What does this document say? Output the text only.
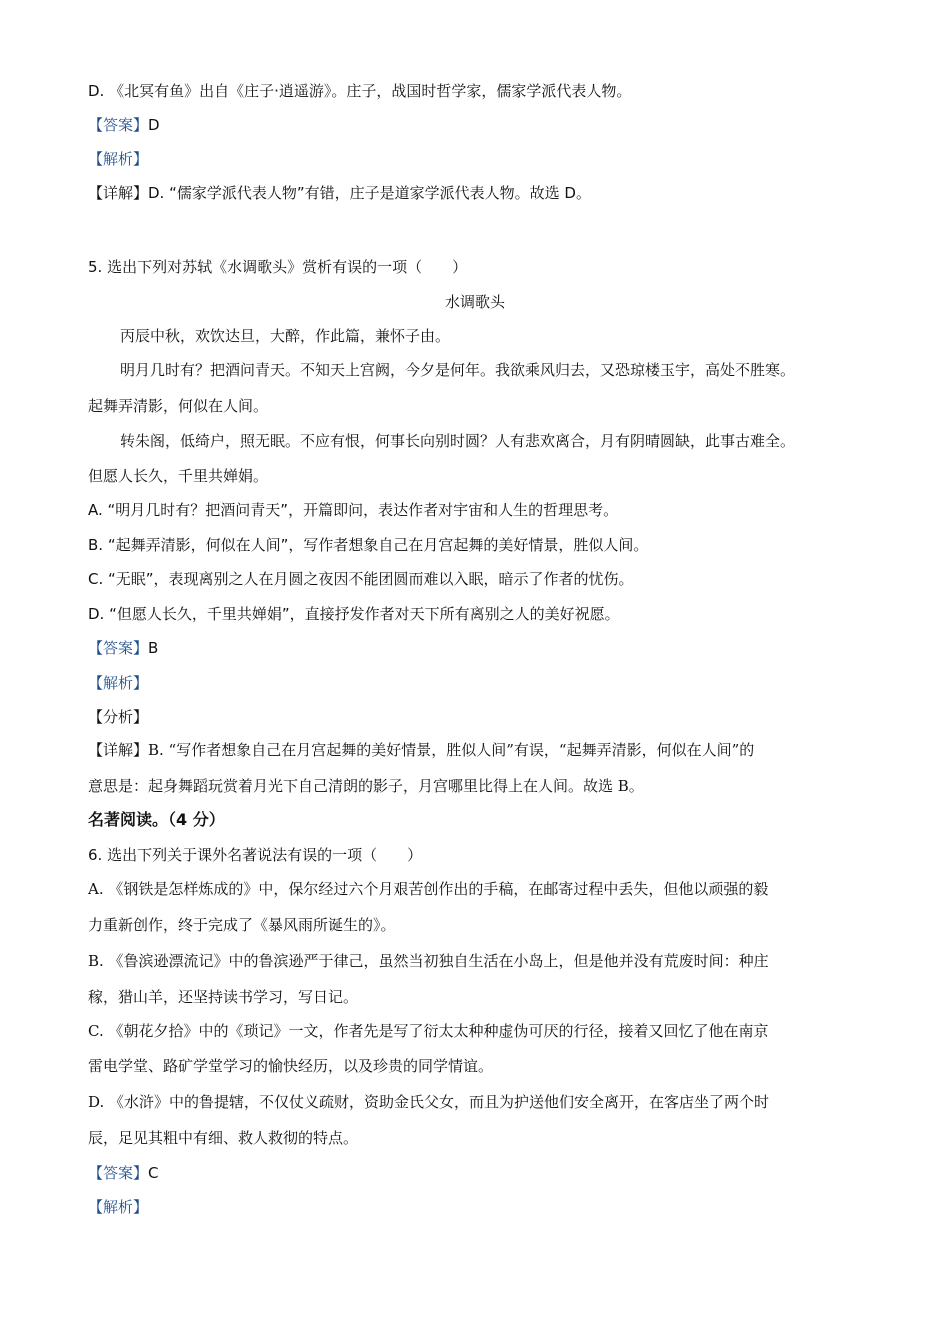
D. 《北冥有鱼》出自《庄子·逍遥游》。庄子，战国时哲学家，儒家学派代表人物。
【答案】D
【解析】
【详解】D. “儒家学派代表人物”有错，庄子是道家学派代表人物。故选 D。
5. 选出下列对苏轼《水调歌头》赏析有误的一项（　　）
水调歌头
丙辰中秋，欢饮达旦，大醉，作此篇，兼怀子由。
明月几时有？把酒问青天。不知天上宫阙，今夕是何年。我欲乘风归去，又恐琼楼玉宇，高处不胜寒。
起舞弄清影，何似在人间。
转朱阁，低绮户，照无眠。不应有恨，何事长向别时圆？人有悲欢离合，月有阴晴圆缺，此事古难全。
但愿人长久，千里共婵娟。
A. “明月几时有？把酒问青天”，开篇即问，表达作者对宇宙和人生的哲理思考。
B. “起舞弄清影，何似在人间”，写作者想象自己在月宫起舞的美好情景，胜似人间。
C. “无眠”，表现离别之人在月圆之夜因不能团圆而难以入眠，暗示了作者的忧伤。
D. “但愿人长久，千里共婵娟”，直接抒发作者对天下所有离别之人的美好祝愿。
【答案】B
【解析】
【分析】
【详解】B. “写作者想象自己在月宫起舞的美好情景，胜似人间”有误，“起舞弄清影，何似在人间”的
意思是：起身舞蹈玩赏着月光下自己清朗的影子，月宫哪里比得上在人间。故选 B。
名著阅读。（4 分）
6. 选出下列关于课外名著说法有误的一项（　　）
A. 《钢铁是怎样炼成的》中，保尔经过六个月艰苦创作出的手稿，在邮寄过程中丢失，但他以顽强的毅
力重新创作，终于完成了《暴风雨所诞生的》。
B. 《鲁滨逊漂流记》中的鲁滨逊严于律己，虽然当初独自生活在小岛上，但是他并没有荒废时间：种庄
稼，猎山羊，还坚持读书学习，写日记。
C. 《朝花夕拾》中的《琐记》一文，作者先是写了衍太太种种虚伪可厌的行径，接着又回忆了他在南京
雷电学堂、路矿学堂学习的愉快经历，以及珍贵的同学情谊。
D. 《水浒》中的鲁提辖，不仅仗义疏财，资助金氏父女，而且为护送他们安全离开，在客店坐了两个时
辰，足见其粗中有细、救人救彻的特点。
【答案】C
【解析】
